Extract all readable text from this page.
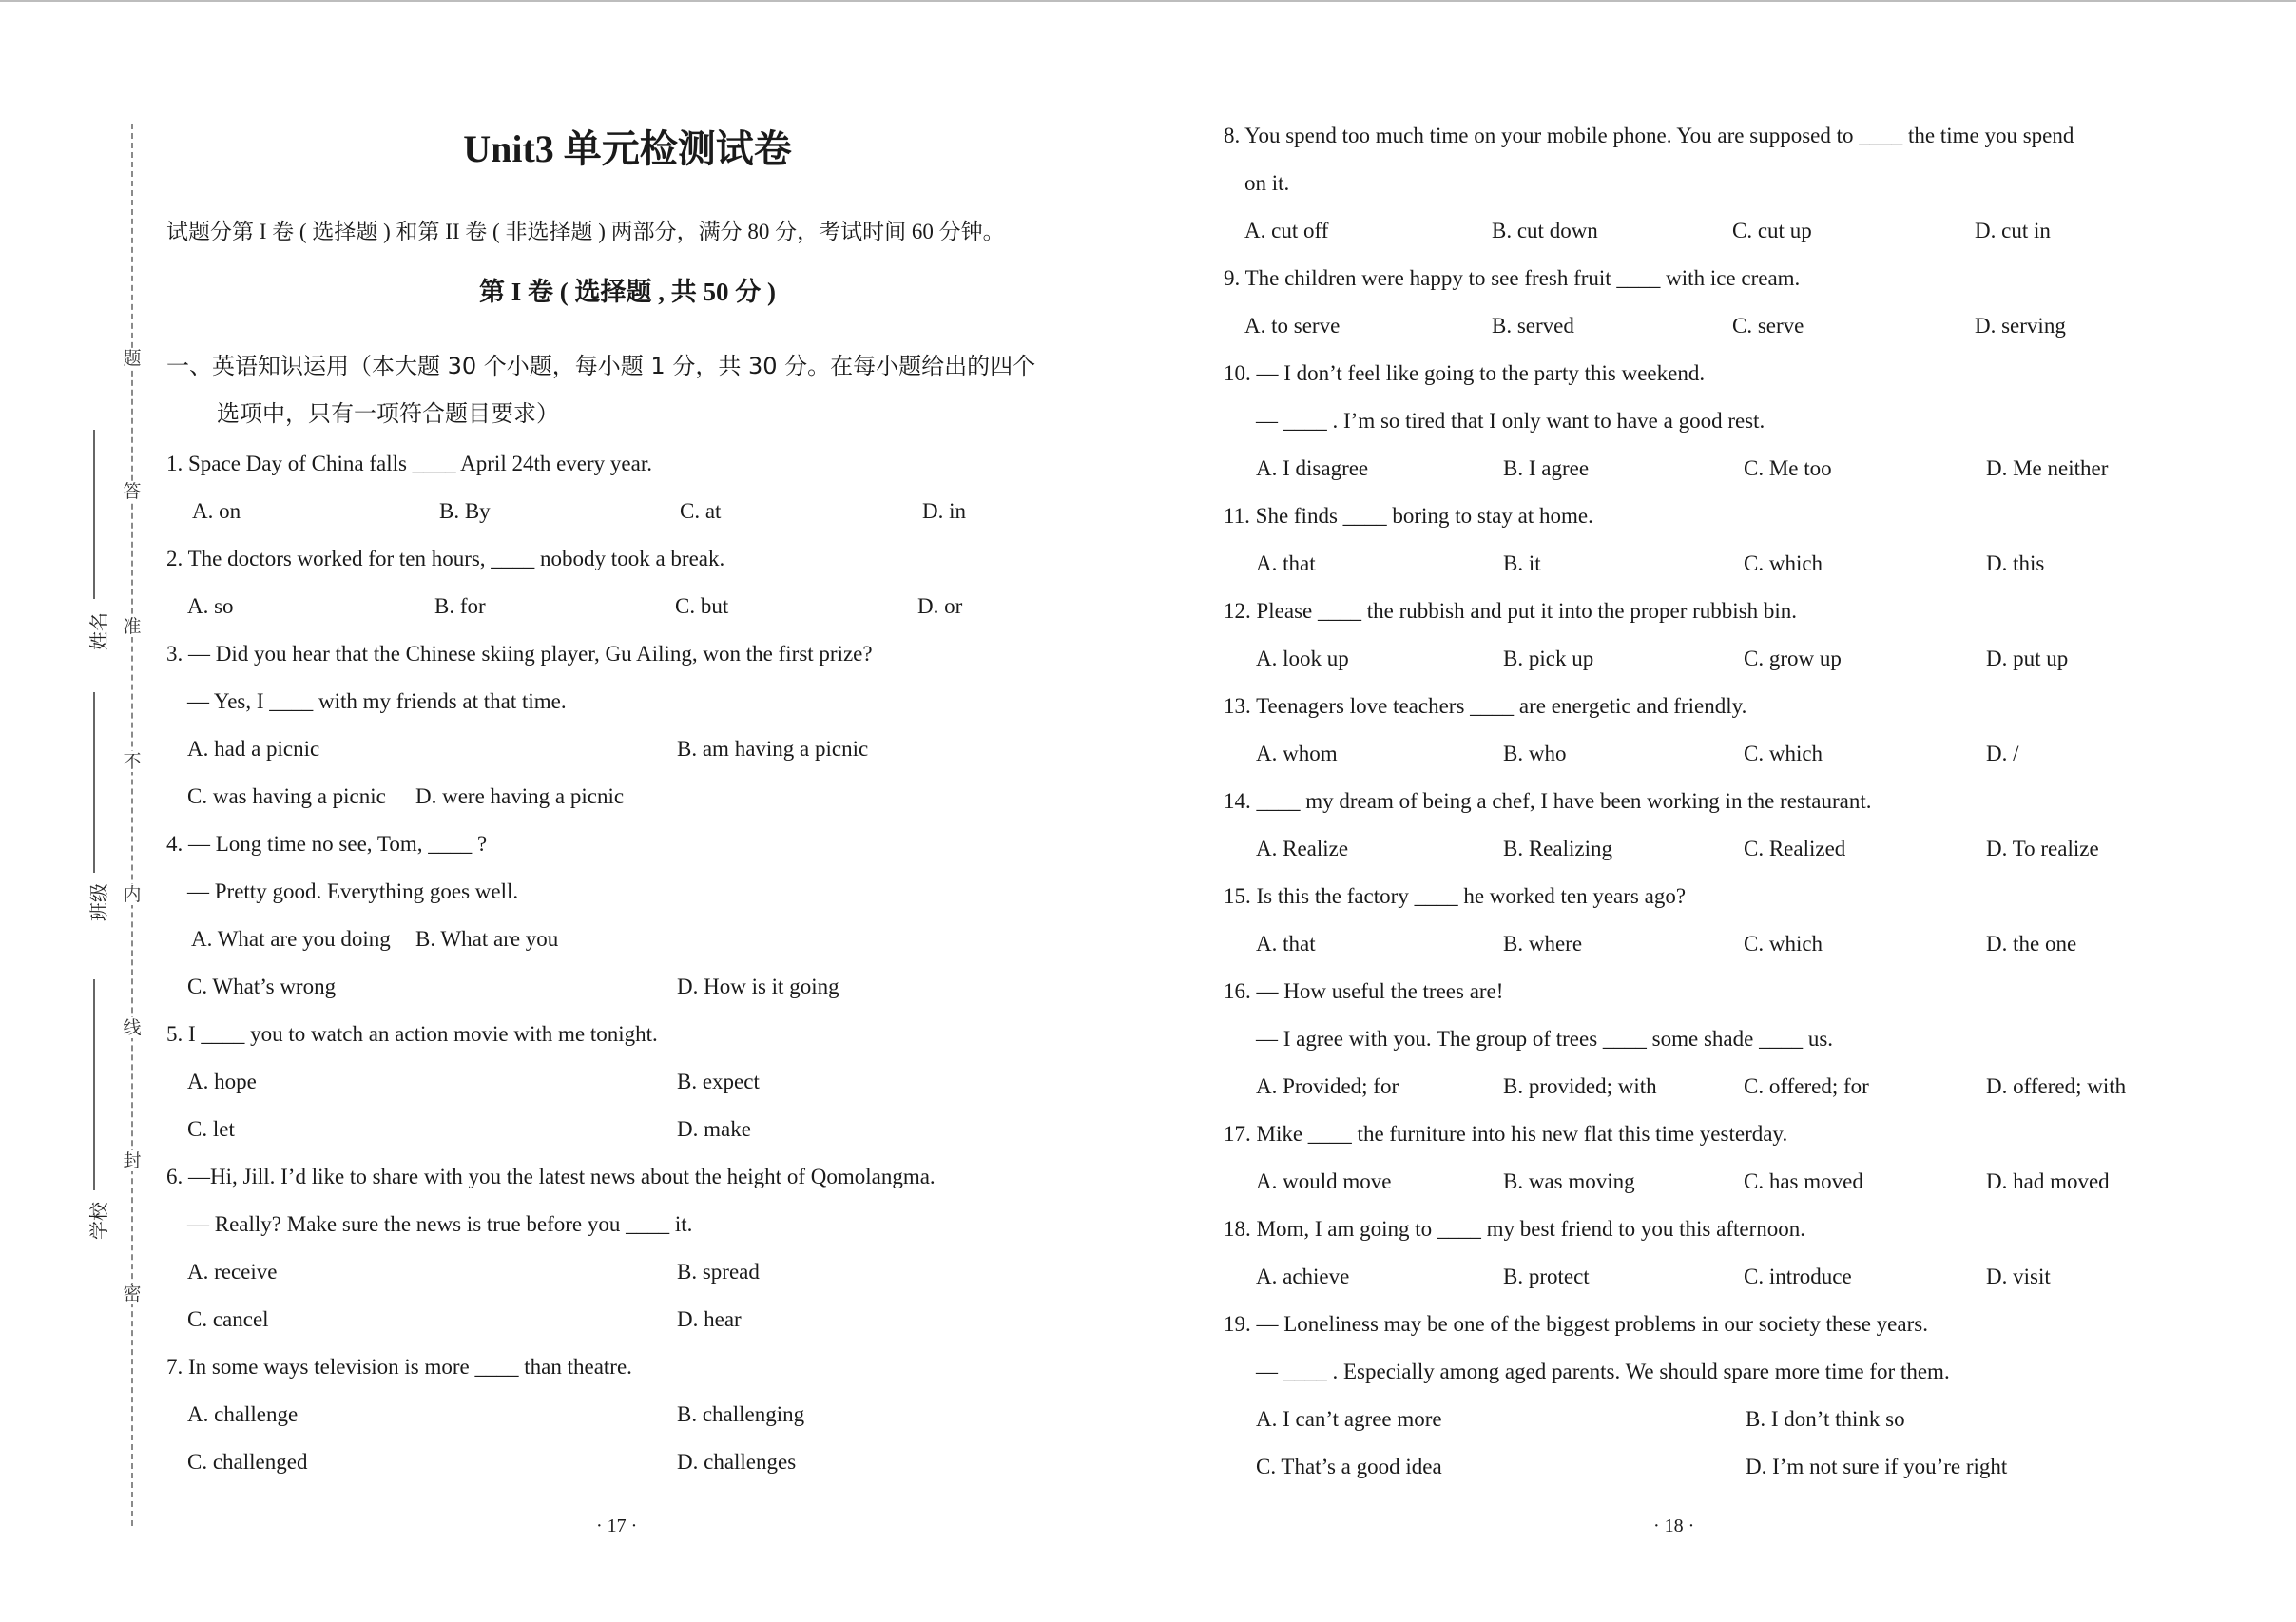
题
答
准
不
内
线
封
密
姓名
班级
学校
Unit3 单元检测试卷
试题分第 I 卷 ( 选择题 ) 和第 II 卷 ( 非选择题 ) 两部分，满分 80 分，考试时间 60 分钟。
第 I 卷 ( 选择题 , 共 50 分 )
一、英语知识运用（本大题 30 个小题，每小题 1 分，共 30 分。在每小题给出的四个
选项中，只有一项符合题目要求）
1. Space Day of China falls ____ April 24th every year.
A. on	B. By	C. at	D. in
2. The doctors worked for ten hours, ____ nobody took a break.
A. so	B. for	C. but	D. or
3. — Did you hear that the Chinese skiing player, Gu Ailing, won the first prize?
— Yes, I ____ with my friends at that time.
A. had a picnic	B. am having a picnic
C. was having a picnic D. were having a picnic
4. — Long time no see, Tom, ____ ?
— Pretty good. Everything goes well.
A. What are you doing B. What are you
C. What’s wrong	D. How is it going
5. I ____ you to watch an action movie with me tonight.
A. hope	B. expect
C. let	D. make
6. —Hi, Jill. I’d like to share with you the latest news about the height of Qomolangma.
— Really? Make sure the news is true before you ____ it.
A. receive	B. spread
C. cancel	D. hear
7. In some ways television is more ____ than theatre.
A. challenge	B. challenging
C. challenged	D. challenges
· 17 ·
8. You spend too much time on your mobile phone. You are supposed to ____ the time you spend
on it.
A. cut off	B. cut down	C. cut up	D. cut in
9. The children were happy to see fresh fruit ____ with ice cream.
A. to serve	B. served	C. serve	D. serving
10. — I don’t feel like going to the party this weekend.
— ____ . I’m so tired that I only want to have a good rest.
A. I disagree	B. I agree	C. Me too	D. Me neither
11. She finds ____ boring to stay at home.
A. that	B. it	C. which	D. this
12. Please ____ the rubbish and put it into the proper rubbish bin.
A. look up	B. pick up	C. grow up	D. put up
13. Teenagers love teachers ____ are energetic and friendly.
A. whom	B. who	C. which	D. /
14. ____ my dream of being a chef, I have been working in the restaurant.
A. Realize	B. Realizing	C. Realized	D. To realize
15. Is this the factory ____ he worked ten years ago?
A. that	B. where	C. which	D. the one
16. — How useful the trees are!
— I agree with you. The group of trees ____ some shade ____ us.
A. Provided; for	B. provided; with	C. offered; for	D. offered; with
17. Mike ____ the furniture into his new flat this time yesterday.
A. would move	B. was moving	C. has moved	D. had moved
18. Mom, I am going to ____ my best friend to you this afternoon.
A. achieve	B. protect	C. introduce	D. visit
19. — Loneliness may be one of the biggest problems in our society these years.
— ____ . Especially among aged parents. We should spare more time for them.
A. I can’t agree more	B. I don’t think so
C. That’s a good idea	D. I’m not sure if you’re right
· 18 ·
